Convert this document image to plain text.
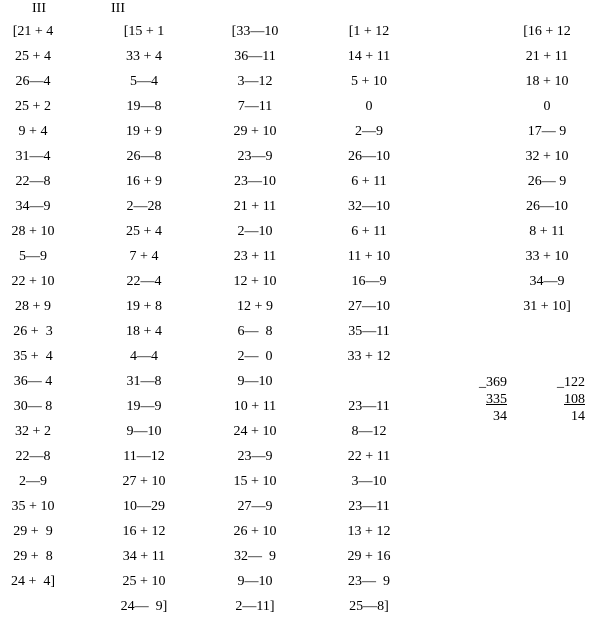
III	III
[21 + 4
25 + 4
26—4
25 + 2
9 + 4
31—4
22—8
34—9
28 + 10
5—9
22 + 10
28 + 9
26 +  3
35 +  4
36— 4
30— 8
32 + 2
22—8
2—9
35 + 10
29 +  9
29 +  8
24 +  4]
[15 + 1
33 + 4
5—4
19—8
19 + 9
26—8
16 + 9
2—28
25 + 4
7 + 4
22—4
19 + 8
18 + 4
4—4
31—8
19—9
9—10
11—12
27 + 10
10—29
16 + 12
34 + 11
25 + 10
24—  9]
[33—10
36—11
3—12
7—11
29 + 10
23—9
23—10
21 + 11
2—10
23 + 11
12 + 10
12 + 9
6—  8
2—  0
9—10
10 + 11
24 + 10
23—9
15 + 10
27—9
26 + 10
32—  9
9—10
2—11]
[1 + 12
14 + 11
5 + 10
0
2—9
26—10
6 + 11
32—10
6 + 11
11 + 10
16—9
27—10
35—11
33 + 12
23—11
8—12
22 + 11
3—10
23—11
13 + 12
29 + 16
23—  9
25—8]
[16 + 12
21 + 11
18 + 10
0
17— 9
32 + 10
26— 9
26—10
8 + 11
33 + 10
34—9
31 + 10]
_369
335
34
_122
108
14
